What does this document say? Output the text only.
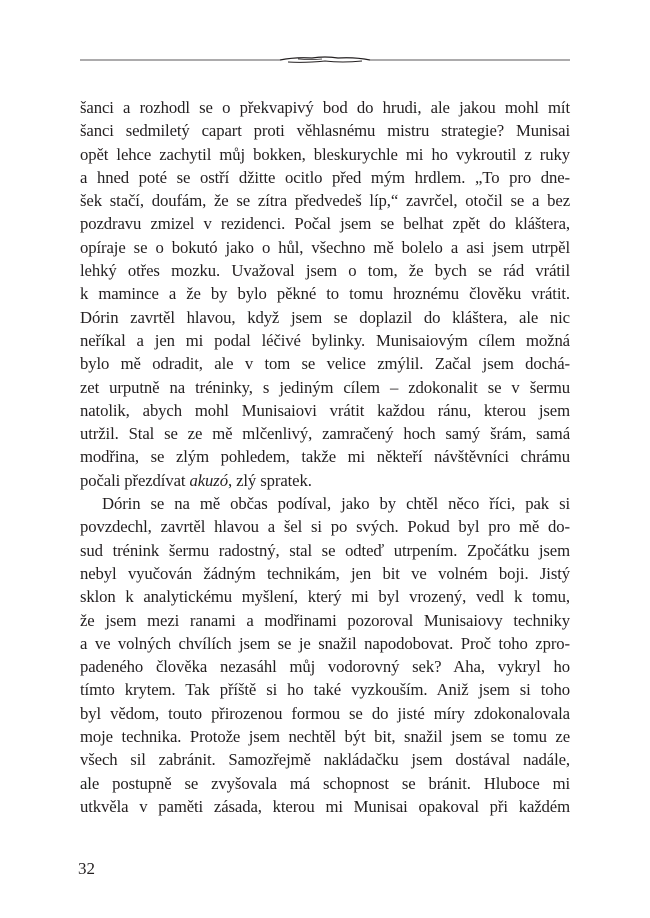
šanci a rozhodl se o překvapivý bod do hrudi, ale jakou mohl mít
šanci sedmiletý capart proti věhlasnému mistru strategie? Munisai
opět lehce zachytil můj bokken, bleskurychle mi ho vykroutil z ruky
a hned poté se ostří džitte ocitlo před mým hrdlem. „To pro dne-
šek stačí, doufám, že se zítra předvedeš líp,“ zavrčel, otočil se a bez
pozdravu zmizel v rezidenci. Počal jsem se belhat zpět do kláštera,
opíraje se o bokutó jako o hůl, všechno mě bolelo a asi jsem utrpěl
lehký otřes mozku. Uvažoval jsem o tom, že bych se rád vrátil
k mamince a že by bylo pěkné to tomu hroznému člověku vrátit.
Dórin zavrtěl hlavou, když jsem se doplazil do kláštera, ale nic
neříkal a jen mi podal léčivé bylinky. Munisaiovým cílem možná
bylo mě odradit, ale v tom se velice zmýlil. Začal jsem dochá-
zet urputně na tréninky, s jediným cílem – zdokonalit se v šermu
natolik, abych mohl Munisaiovi vrátit každou ránu, kterou jsem
utržil. Stal se ze mě mlčenlivý, zamračený hoch samý šrám, samá
modřina, se zlým pohledem, takže mi někteří návštěvníci chrámu
počali přezdívat akuzó, zlý spratek.
Dórin se na mě občas podíval, jako by chtěl něco říci, pak si
povzdechl, zavrtěl hlavou a šel si po svých. Pokud byl pro mě do-
sud trénink šermu radostný, stal se odteď utrpením. Zpočátku jsem
nebyl vyučován žádným technikám, jen bit ve volném boji. Jistý
sklon k analytickému myšlení, který mi byl vrozený, vedl k tomu,
že jsem mezi ranami a modřinami pozoroval Munisaiovy techniky
a ve volných chvílích jsem se je snažil napodobovat. Proč toho zpro-
padeného člověka nezasáhl můj vodorovný sek? Aha, vykryl ho
tímto krytem. Tak příště si ho také vyzkouším. Aniž jsem si toho
byl vědom, touto přirozenou formou se do jisté míry zdokonalovala
moje technika. Protože jsem nechtěl být bit, snažil jsem se tomu ze
všech sil zabránit. Samozřejmě nakládačku jsem dostával nadále,
ale postupně se zvyšovala má schopnost se bránit. Hluboce mi
utkvěla v paměti zásada, kterou mi Munisai opakoval při každém
32
